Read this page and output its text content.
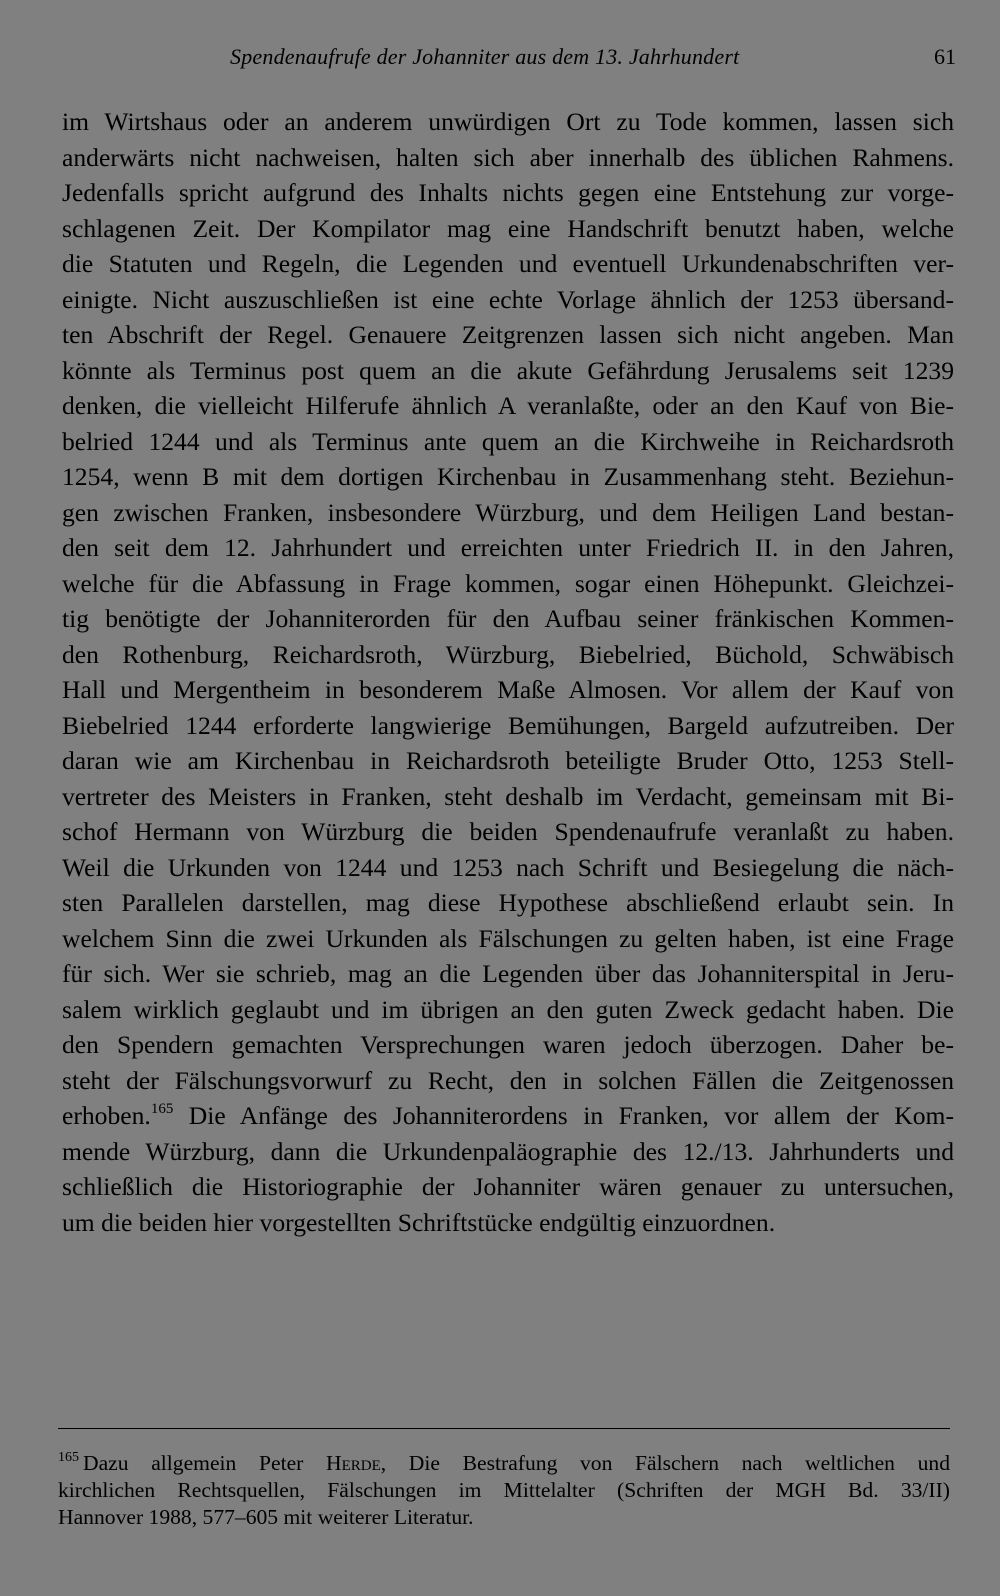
Spendenaufrufe der Johanniter aus dem 13. Jahrhundert	61
im Wirtshaus oder an anderem unwürdigen Ort zu Tode kommen, lassen sich
anderwärts nicht nachweisen, halten sich aber innerhalb des üblichen Rahmens.
Jedenfalls spricht aufgrund des Inhalts nichts gegen eine Entstehung zur vorge-
schlagenen Zeit. Der Kompilator mag eine Handschrift benutzt haben, welche
die Statuten und Regeln, die Legenden und eventuell Urkundenabschriften ver-
einigte. Nicht auszuschließen ist eine echte Vorlage ähnlich der 1253 übersand-
ten Abschrift der Regel. Genauere Zeitgrenzen lassen sich nicht angeben. Man
könnte als Terminus post quem an die akute Gefährdung Jerusalems seit 1239
denken, die vielleicht Hilferufe ähnlich A veranlaßte, oder an den Kauf von Bie-
belried 1244 und als Terminus ante quem an die Kirchweihe in Reichardsroth
1254, wenn B mit dem dortigen Kirchenbau in Zusammenhang steht. Beziehun-
gen zwischen Franken, insbesondere Würzburg, und dem Heiligen Land bestan-
den seit dem 12. Jahrhundert und erreichten unter Friedrich II. in den Jahren,
welche für die Abfassung in Frage kommen, sogar einen Höhepunkt. Gleichzei-
tig benötigte der Johanniterorden für den Aufbau seiner fränkischen Kommen-
den Rothenburg, Reichardsroth, Würzburg, Biebelried, Büchold, Schwäbisch
Hall und Mergentheim in besonderem Maße Almosen. Vor allem der Kauf von
Biebelried 1244 erforderte langwierige Bemühungen, Bargeld aufzutreiben. Der
daran wie am Kirchenbau in Reichardsroth beteiligte Bruder Otto, 1253 Stell-
vertreter des Meisters in Franken, steht deshalb im Verdacht, gemeinsam mit Bi-
schof Hermann von Würzburg die beiden Spendenaufrufe veranlaßt zu haben.
Weil die Urkunden von 1244 und 1253 nach Schrift und Besiegelung die näch-
sten Parallelen darstellen, mag diese Hypothese abschließend erlaubt sein. In
welchem Sinn die zwei Urkunden als Fälschungen zu gelten haben, ist eine Frage
für sich. Wer sie schrieb, mag an die Legenden über das Johanniterspital in Jeru-
salem wirklich geglaubt und im übrigen an den guten Zweck gedacht haben. Die
den Spendern gemachten Versprechungen waren jedoch überzogen. Daher be-
steht der Fälschungsvorwurf zu Recht, den in solchen Fällen die Zeitgenossen
erhoben.$^{165}$ Die Anfänge des Johanniterordens in Franken, vor allem der Kom-
mende Würzburg, dann die Urkundenpaläographie des 12./13. Jahrhunderts und
schließlich die Historiographie der Johanniter wären genauer zu untersuchen,
um die beiden hier vorgestellten Schriftstücke endgültig einzuordnen.
$^{165}$ Dazu allgemein Peter Herde, Die Bestrafung von Fälschern nach weltlichen und
kirchlichen Rechtsquellen, Fälschungen im Mittelalter (Schriften der MGH Bd. 33/II)
Hannover 1988, 577–605 mit weiterer Literatur.
